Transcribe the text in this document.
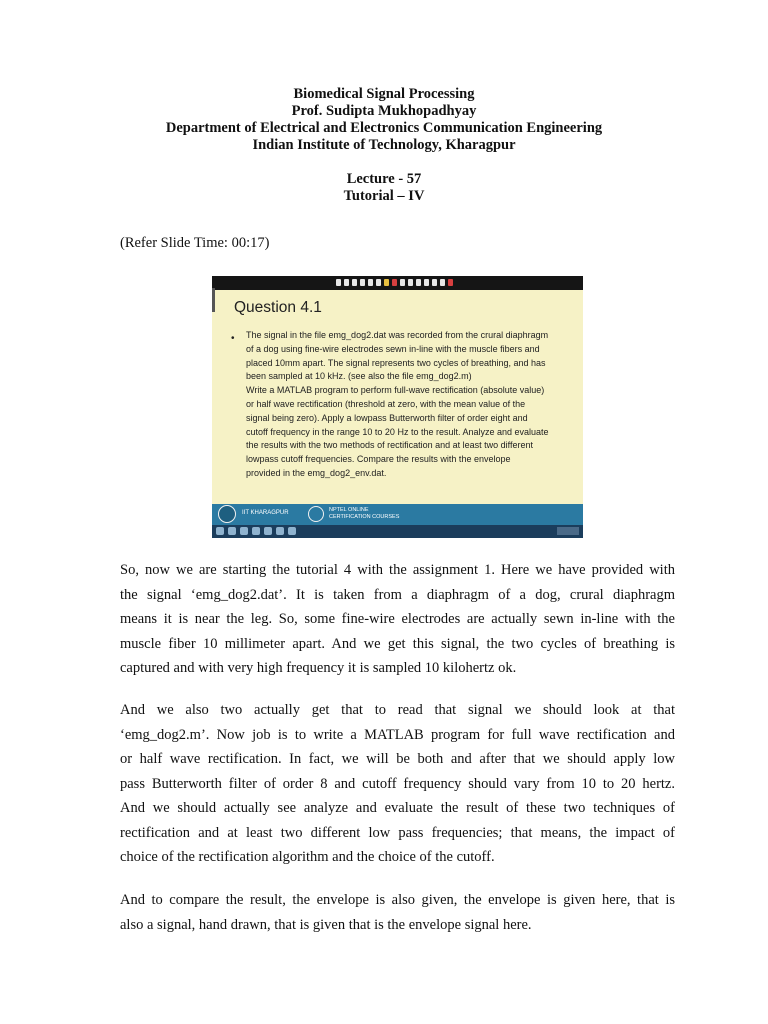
Biomedical Signal Processing
Prof. Sudipta Mukhopadhyay
Department of Electrical and Electronics Communication Engineering
Indian Institute of Technology, Kharagpur
Lecture - 57
Tutorial – IV
(Refer Slide Time: 00:17)
Question 4.1
• The signal in the file emg_dog2.dat was recorded from the crural diaphragm
of a dog using fine-wire electrodes sewn in-line with the muscle fibers and
placed 10mm apart. The signal represents two cycles of breathing, and has
been sampled at 10 kHz. (see also the file emg_dog2.m)
Write a MATLAB program to perform full-wave rectification (absolute value)
or half wave rectification (threshold at zero, with the mean value of the
signal being zero). Apply a lowpass Butterworth filter of order eight and
cutoff frequency in the range 10 to 20 Hz to the result. Analyze and evaluate
the results with the two methods of rectification and at least two different
lowpass cutoff frequencies. Compare the results with the envelope
provided in the emg_dog2_env.dat.
IIT KHARAGPUR	NPTEL ONLINE
CERTIFICATION COURSES
So, now we are starting the tutorial 4 with the assignment 1. Here we have provided with
the signal ‘emg_dog2.dat’. It is taken from a diaphragm of a dog, crural diaphragm
means it is near the leg. So, some fine-wire electrodes are actually sewn in-line with the
muscle fiber 10 millimeter apart. And we get this signal, the two cycles of breathing is
captured and with very high frequency it is sampled 10 kilohertz ok.
And we also two actually get that to read that signal we should look at that
‘emg_dog2.m’. Now job is to write a MATLAB program for full wave rectification and
or half wave rectification. In fact, we will be both and after that we should apply low
pass Butterworth filter of order 8 and cutoff frequency should vary from 10 to 20 hertz.
And we should actually see analyze and evaluate the result of these two techniques of
rectification and at least two different low pass frequencies; that means, the impact of
choice of the rectification algorithm and the choice of the cutoff.
And to compare the result, the envelope is also given, the envelope is given here, that is
also a signal, hand drawn, that is given that is the envelope signal here.
